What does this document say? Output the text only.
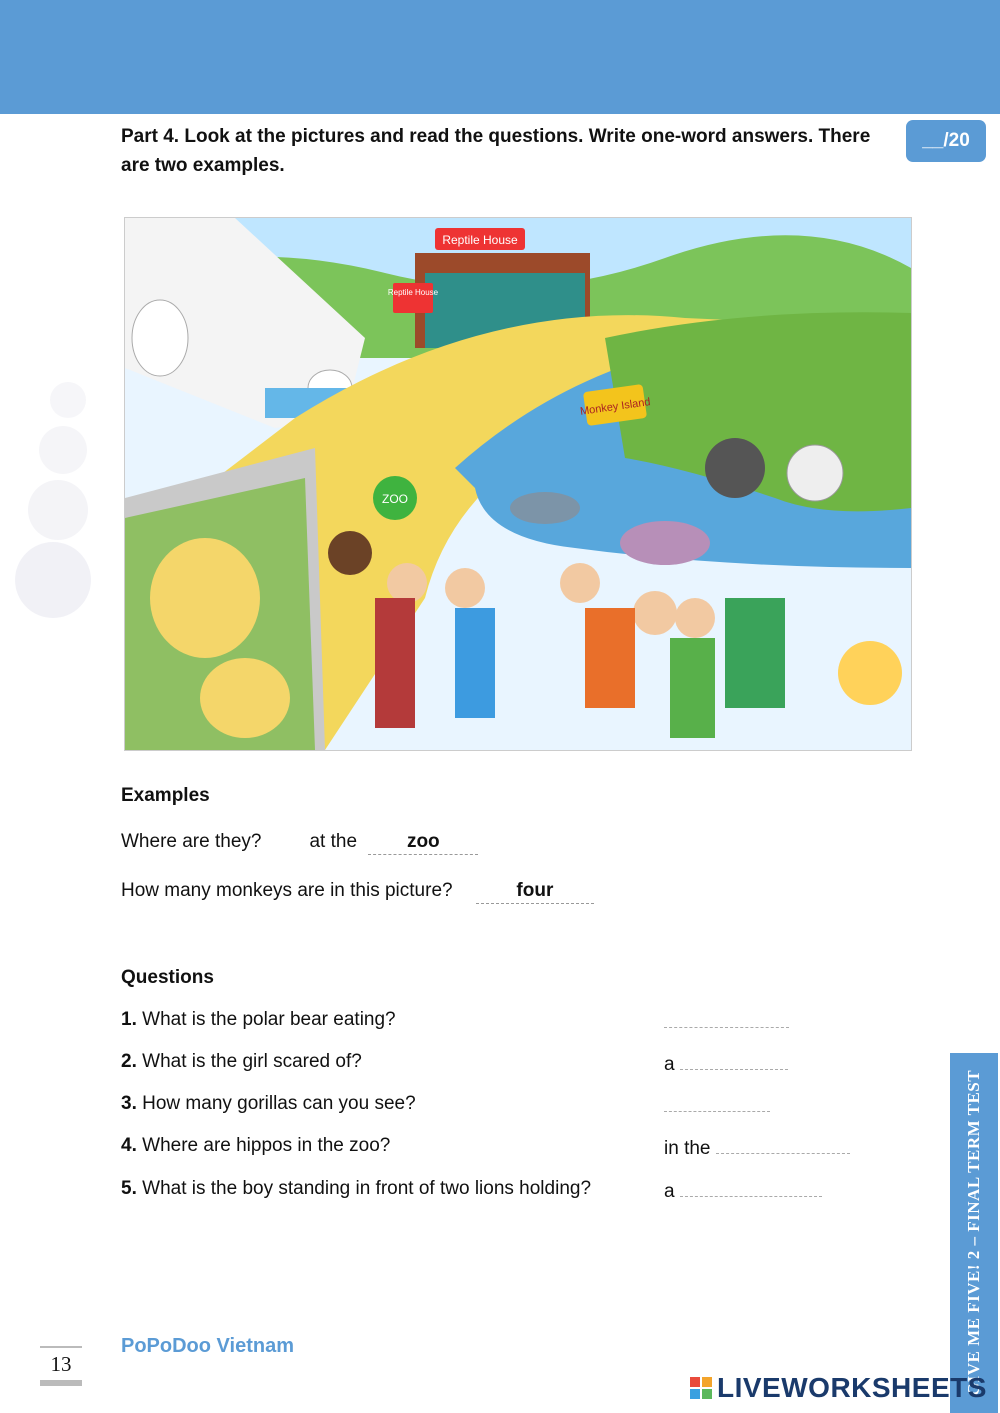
__/20
Part 4. Look at the pictures and read the questions. Write one-word answers. There are two examples.
Reptile House
Reptile House
Monkey Island
ZOO
Examples
Where are they?	at the	zoo
How many monkeys are in this picture?	four
Questions
1. What is the polar bear eating?
2. What is the girl scared of?	a
3. How many gorillas can you see?
4. Where are hippos in the zoo?	in the
5. What is the boy standing in front of two lions holding?	a
13
PoPoDoo Vietnam	GIVE ME FIVE! 2 – FINAL TERM TEST
LIVEWORKSHEETS
